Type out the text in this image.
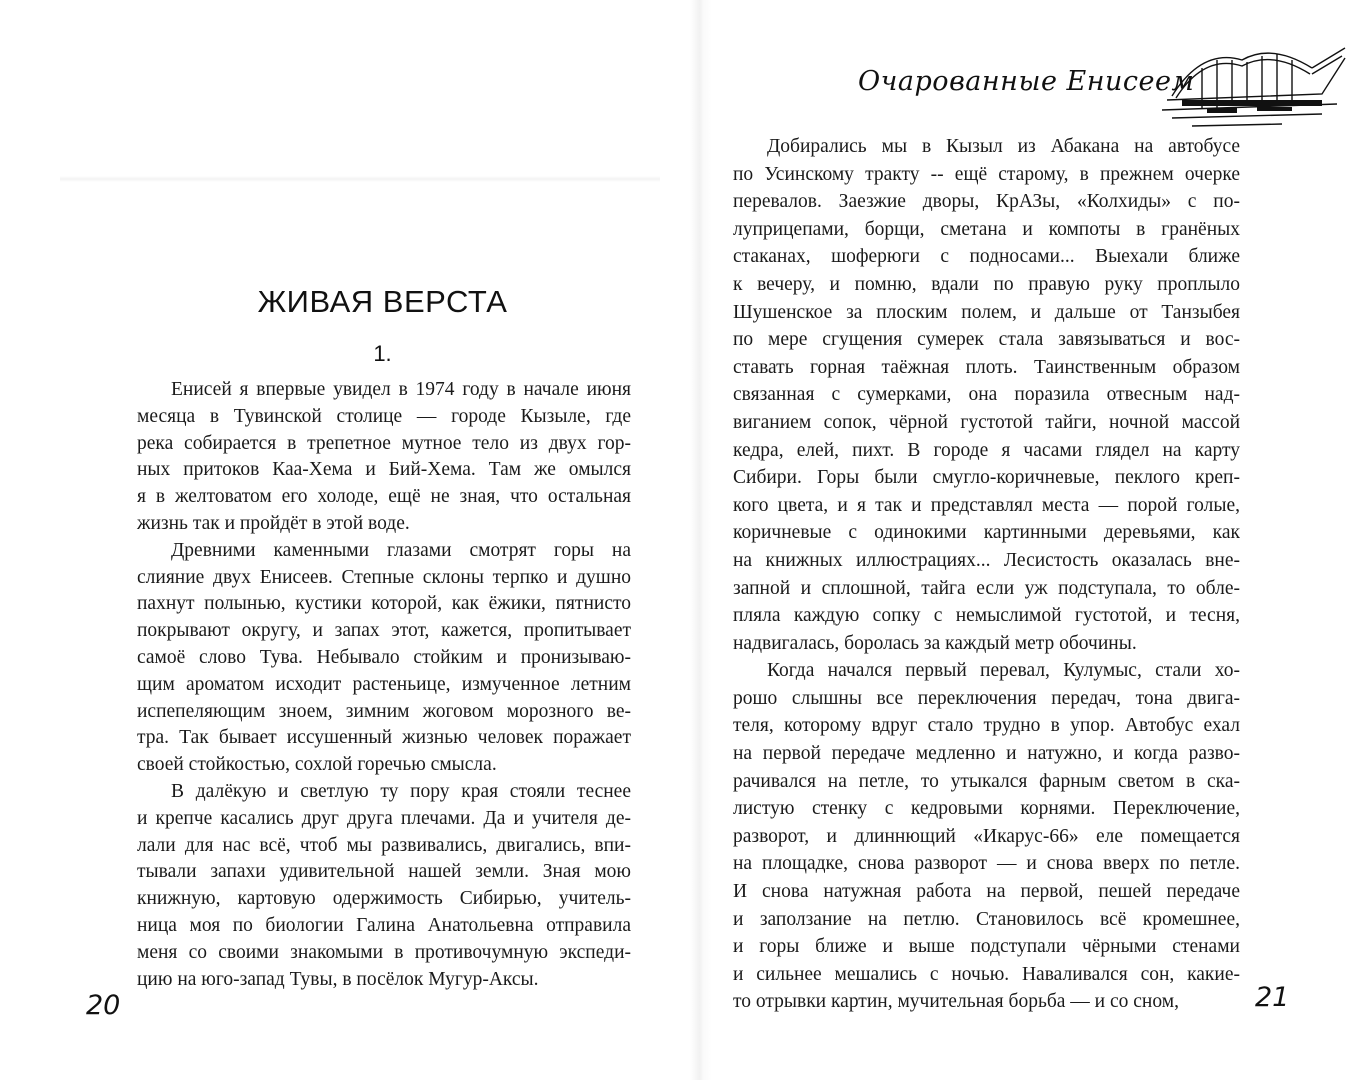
ЖИВАЯ ВЕРСТА
1.
Енисей я впервые увидел в 1974 году в начале июня
месяца в Тувинской столице — городе Кызыле, где
река собирается в трепетное мутное тело из двух гор-
ных притоков Каа-Хема и Бий-Хема. Там же омылся
я в желтоватом его холоде, ещё не зная, что остальная
жизнь так и пройдёт в этой воде.
Древними каменными глазами смотрят горы на
слияние двух Енисеев. Степные склоны терпко и душно
пахнут полынью, кустики которой, как ёжики, пятнисто
покрывают округу, и запах этот, кажется, пропитывает
самоё слово Тува. Небывало стойким и пронизываю-
щим ароматом исходит растеньице, измученное летним
испепеляющим зноем, зимним жоговом морозного ве-
тра. Так бывает иссушенный жизнью человек поражает
своей стойкостью, сохлой горечью смысла.
В далёкую и светлую ту пору края стояли теснее
и крепче касались друг друга плечами. Да и учителя де-
лали для нас всё, чтоб мы развивались, двигались, впи-
тывали запахи удивительной нашей земли. Зная мою
книжную, картовую одержимость Сибирью, учитель-
ница моя по биологии Галина Анатольевна отправила
меня со своими знакомыми в противочумную экспеди-
цию на юго-запад Тувы, в посёлок Мугур-Аксы.
20
Очарованные Енисеем
Добирались мы в Кызыл из Абакана на автобусе
по Усинскому тракту -- ещё старому, в прежнем очерке
перевалов. Заезжие дворы, КрАЗы, «Колхиды» с по-
луприцепами, борщи, сметана и компоты в гранёных
стаканах, шоферюги с подносами... Выехали ближе
к вечеру, и помню, вдали по правую руку проплыло
Шушенское за плоским полем, и дальше от Танзыбея
по мере сгущения сумерек стала завязываться и вос-
ставать горная таёжная плоть. Таинственным образом
связанная с сумерками, она поразила отвесным над-
виганием сопок, чёрной густотой тайги, ночной массой
кедра, елей, пихт. В городе я часами глядел на карту
Сибири. Горы были смугло-коричневые, пеклого креп-
кого цвета, и я так и представлял места — порой голые,
коричневые с одинокими картинными деревьями, как
на книжных иллюстрациях... Лесистость оказалась вне-
запной и сплошной, тайга если уж подступала, то обле-
пляла каждую сопку с немыслимой густотой, и тесня,
надвигалась, боролась за каждый метр обочины.
Когда начался первый перевал, Кулумыс, стали хо-
рошо слышны все переключения передач, тона двига-
теля, которому вдруг стало трудно в упор. Автобус ехал
на первой передаче медленно и натужно, и когда разво-
рачивался на петле, то утыкался фарным светом в ска-
листую стенку с кедровыми корнями. Переключение,
разворот, и длиннющий «Икарус-66» еле помещается
на площадке, снова разворот — и снова вверх по петле.
И снова натужная работа на первой, пешей передаче
и заползание на петлю. Становилось всё кромешнее,
и горы ближе и выше подступали чёрными стенами
и сильнее мешались с ночью. Наваливался сон, какие-
то отрывки картин, мучительная борьба — и со сном,	21
